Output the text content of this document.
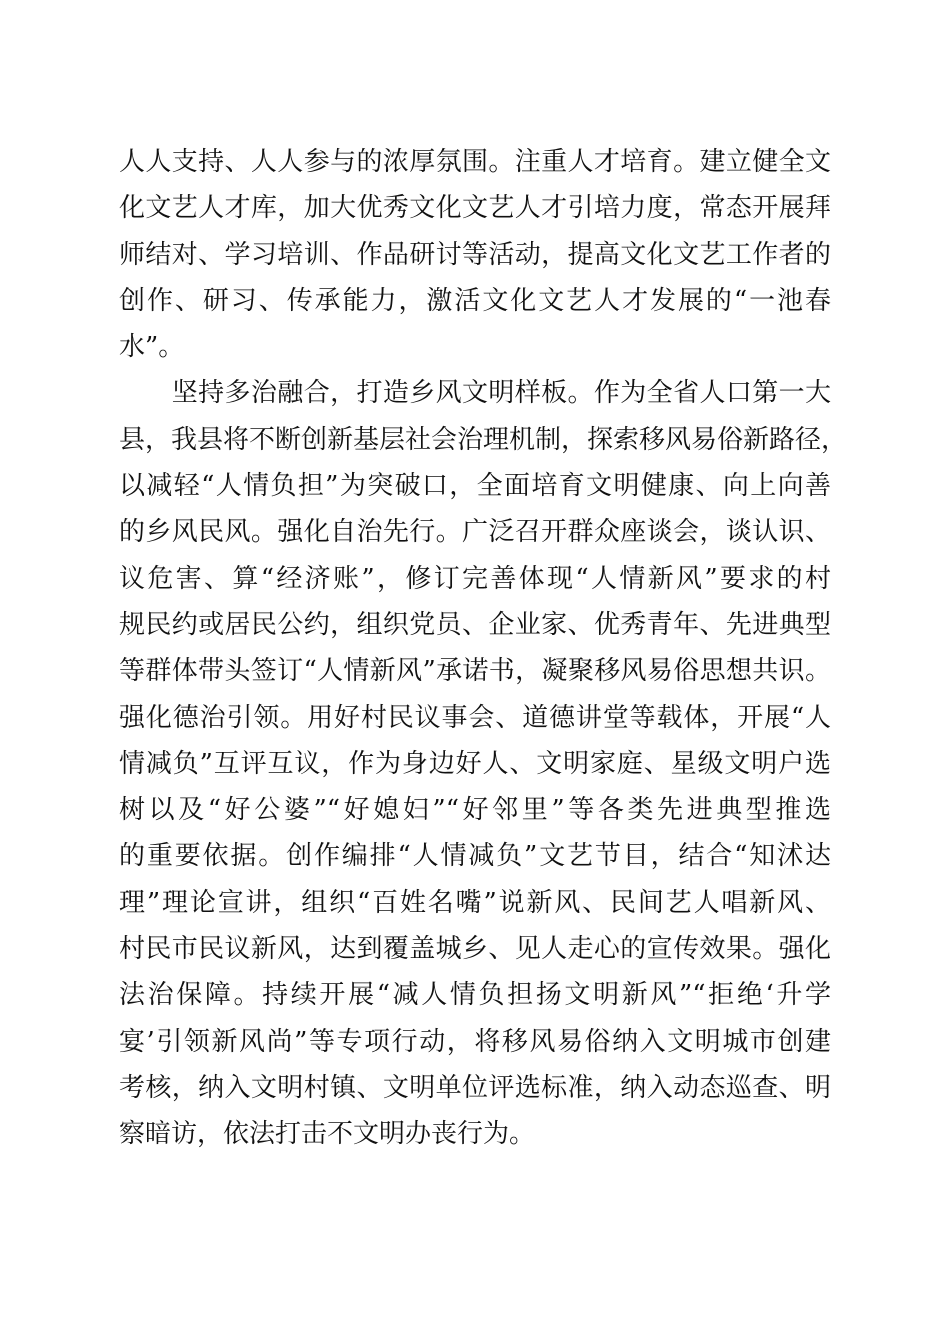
人人支持、人人参与的浓厚氛围。注重人才培育。建立健全文
化文艺人才库，加大优秀文化文艺人才引培力度，常态开展拜
师结对、学习培训、作品研讨等活动，提高文化文艺工作者的
创作、研习、传承能力，激活文化文艺人才发展的“一池春
水”。
　　坚持多治融合，打造乡风文明样板。作为全省人口第一大
县，我县将不断创新基层社会治理机制，探索移风易俗新路径，
以减轻“人情负担”为突破口，全面培育文明健康、向上向善
的乡风民风。强化自治先行。广泛召开群众座谈会，谈认识、
议危害、算“经济账”，修订完善体现“人情新风”要求的村
规民约或居民公约，组织党员、企业家、优秀青年、先进典型
等群体带头签订“人情新风”承诺书，凝聚移风易俗思想共识。
强化德治引领。用好村民议事会、道德讲堂等载体，开展“人
情减负”互评互议，作为身边好人、文明家庭、星级文明户选
树以及“好公婆”“好媳妇”“好邻里”等各类先进典型推选
的重要依据。创作编排“人情减负”文艺节目，结合“知沭达
理”理论宣讲，组织“百姓名嘴”说新风、民间艺人唱新风、
村民市民议新风，达到覆盖城乡、见人走心的宣传效果。强化
法治保障。持续开展“减人情负担扬文明新风”“拒绝‘升学
宴’引领新风尚”等专项行动，将移风易俗纳入文明城市创建
考核，纳入文明村镇、文明单位评选标准，纳入动态巡查、明
察暗访，依法打击不文明办丧行为。
